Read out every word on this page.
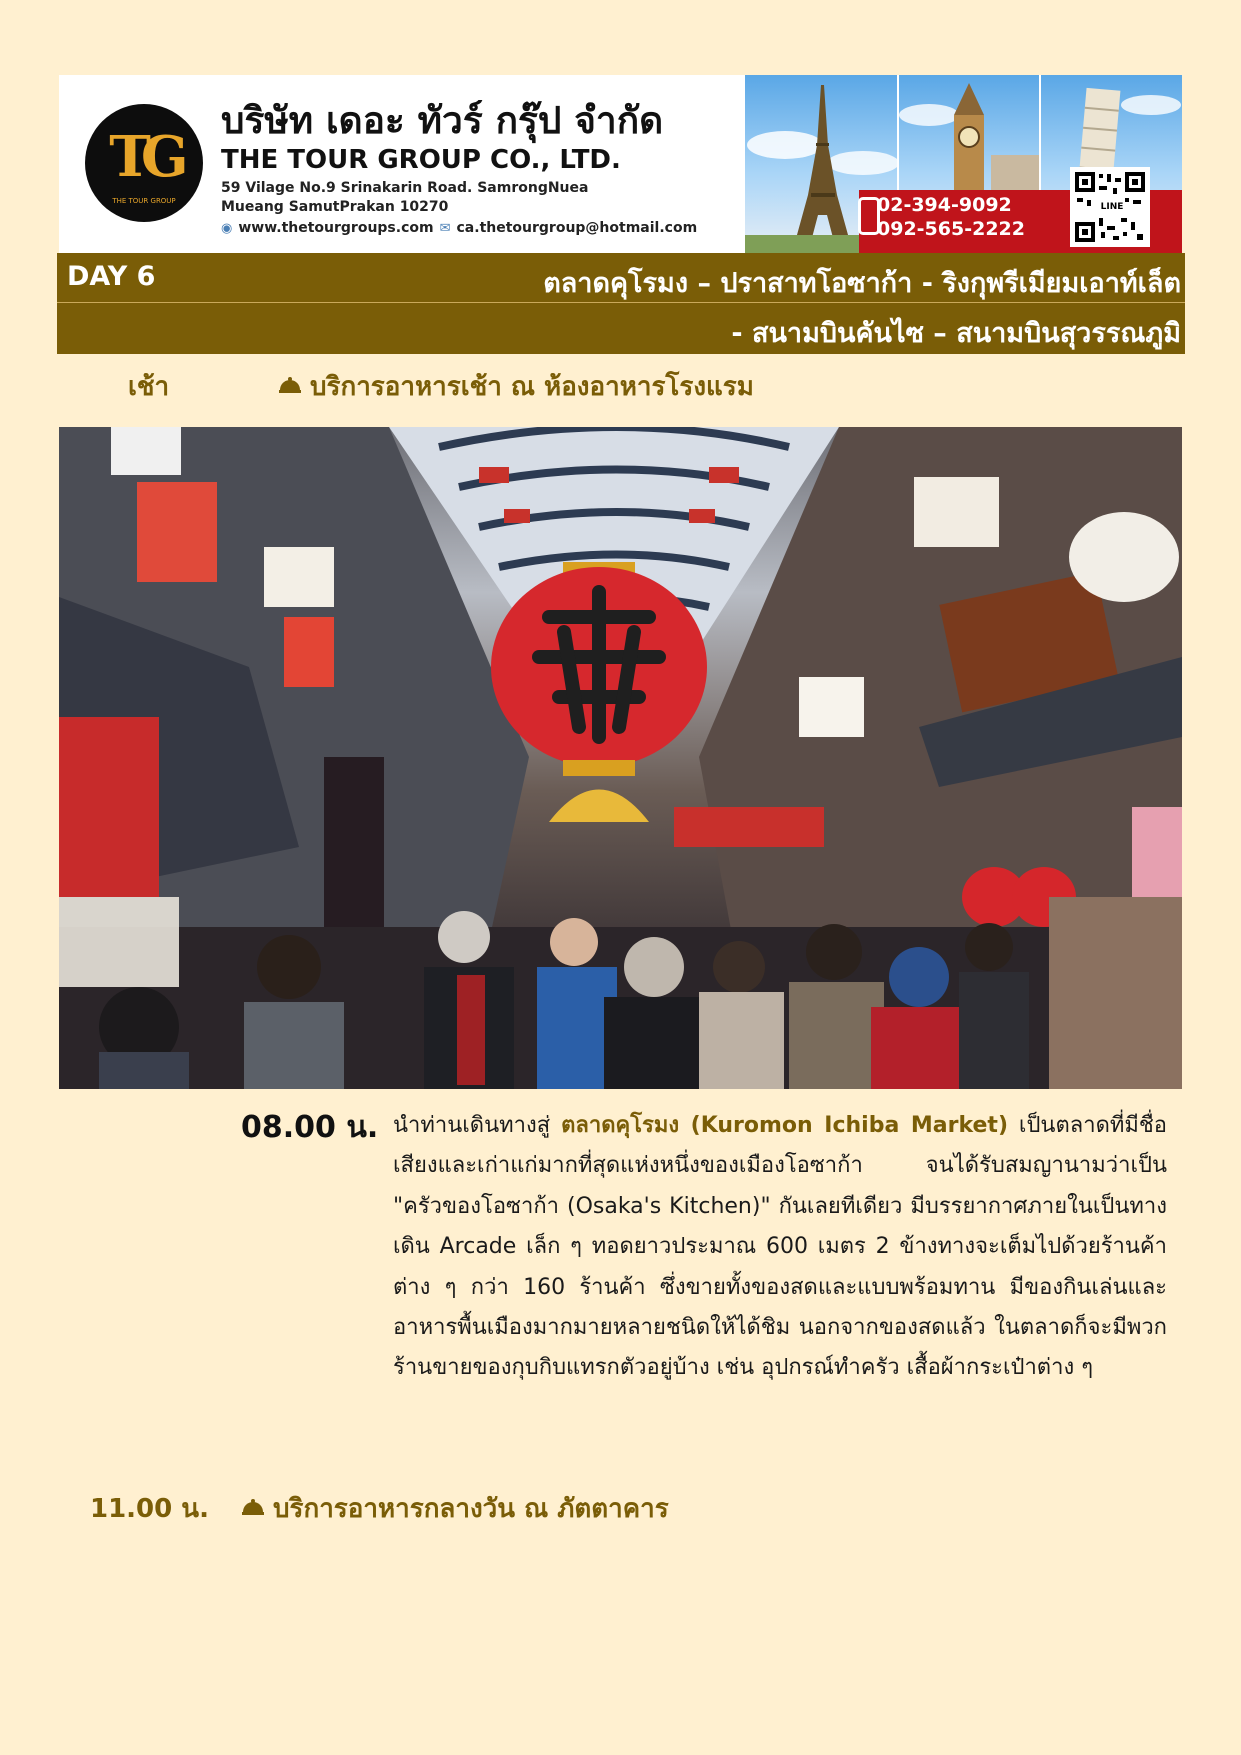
TG
THE TOUR GROUP
บริษัท เดอะ ทัวร์ กรุ๊ป จำกัด
THE TOUR GROUP CO., LTD.
59 Vilage No.9 Srinakarin Road. SamrongNuea
Mueang SamutPrakan 10270
◉ www.thetourgroups.com ✉ ca.thetourgroup@hotmail.com
02-394-9092
092-565-2222
LINE
DAY 6	ตลาดคุโรมง – ปราสาทโอซาก้า - ริงกุพรีเมียมเอาท์เล็ต
- สนามบินคันไซ – สนามบินสุวรรณภูมิ
เช้า	บริการอาหารเช้า ณ ห้องอาหารโรงแรม
08.00 น. นำท่านเดินทางสู่ ตลาดคุโรมง (Kuromon Ichiba Market) เป็นตลาดที่มีชื่อเสียงและเก่าแก่มากที่สุดแห่งหนึ่งของเมืองโอซาก้า จนได้รับสมญานามว่าเป็น "ครัวของโอซาก้า (Osaka's Kitchen)" กันเลยทีเดียว มีบรรยากาศภายในเป็นทางเดิน Arcade เล็ก ๆ ทอดยาวประมาณ 600 เมตร 2 ข้างทางจะเต็มไปด้วยร้านค้าต่าง ๆ กว่า 160 ร้านค้า ซึ่งขายทั้งของสดและแบบพร้อมทาน มีของกินเล่นและอาหารพื้นเมืองมากมายหลายชนิดให้ได้ชิม นอกจากของสดแล้ว ในตลาดก็จะมีพวกร้านขายของกุบกิบแทรกตัวอยู่บ้าง เช่น อุปกรณ์ทำครัว เสื้อผ้ากระเป๋าต่าง ๆ
11.00 น.	บริการอาหารกลางวัน ณ ภัตตาคาร
